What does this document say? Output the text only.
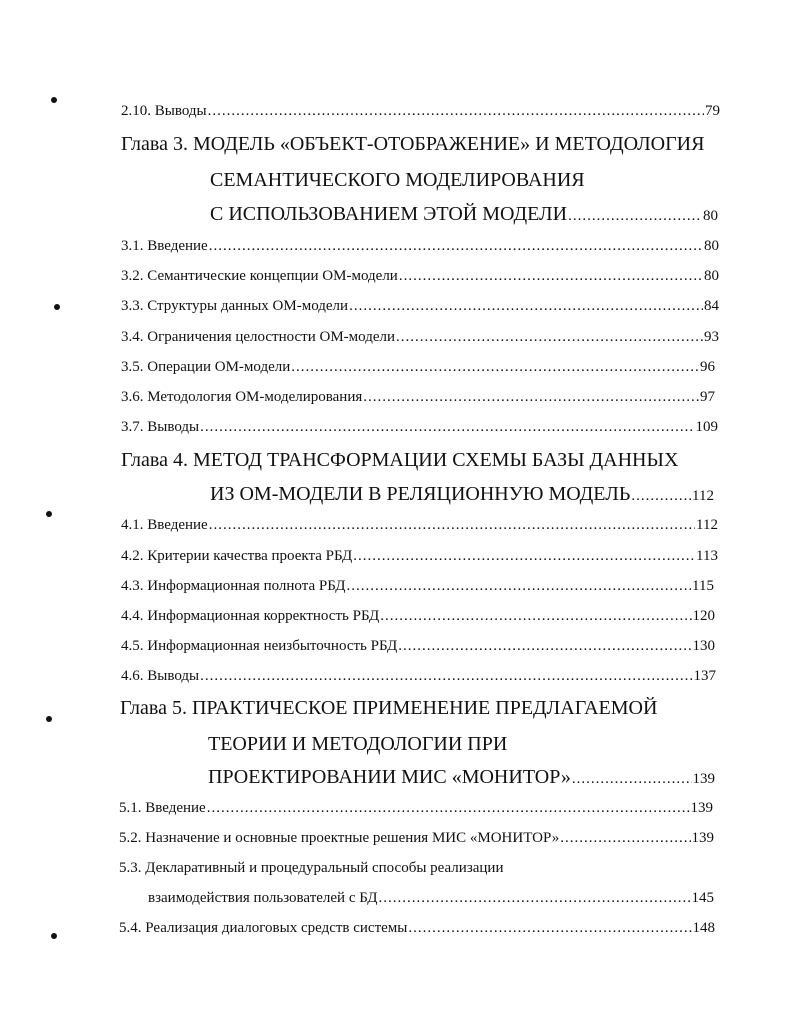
2.10. Выводы .....	79
Глава 3. МОДЕЛЬ «ОБЪЕКТ-ОТОБРАЖЕНИЕ» И МЕТОДОЛОГИЯ
СЕМАНТИЧЕСКОГО МОДЕЛИРОВАНИЯ
С ИСПОЛЬЗОВАНИЕМ ЭТОЙ МОДЕЛИ .....	80
3.1. Введение .....	80
3.2. Семантические концепции ОМ-модели .....	80
3.3. Структуры данных ОМ-модели .....	84
3.4. Ограничения целостности ОМ-модели .....	93
3.5. Операции ОМ-модели .....	96
3.6. Методология ОМ-моделирования .....	97
3.7. Выводы .....	109
Глава 4. МЕТОД ТРАНСФОРМАЦИИ СХЕМЫ БАЗЫ ДАННЫХ
ИЗ ОМ-МОДЕЛИ В РЕЛЯЦИОННУЮ МОДЕЛЬ .....	112
4.1. Введение .....	112
4.2. Критерии качества проекта РБД .....	113
4.3. Информационная полнота РБД .....	115
4.4. Информационная корректность РБД .....	120
4.5. Информационная неизбыточность РБД .....	130
4.6. Выводы .....	137
Глава 5. ПРАКТИЧЕСКОЕ ПРИМЕНЕНИЕ ПРЕДЛАГАЕМОЙ
ТЕОРИИ И МЕТОДОЛОГИИ ПРИ
ПРОЕКТИРОВАНИИ МИС «МОНИТОР» .....	139
5.1. Введение .....	139
5.2. Назначение и основные проектные решения МИС «МОНИТОР» .....	139
5.3. Декларативный и процедуральный способы реализации
взаимодействия пользователей с БД .....	145
5.4. Реализация диалоговых средств системы .....	148
